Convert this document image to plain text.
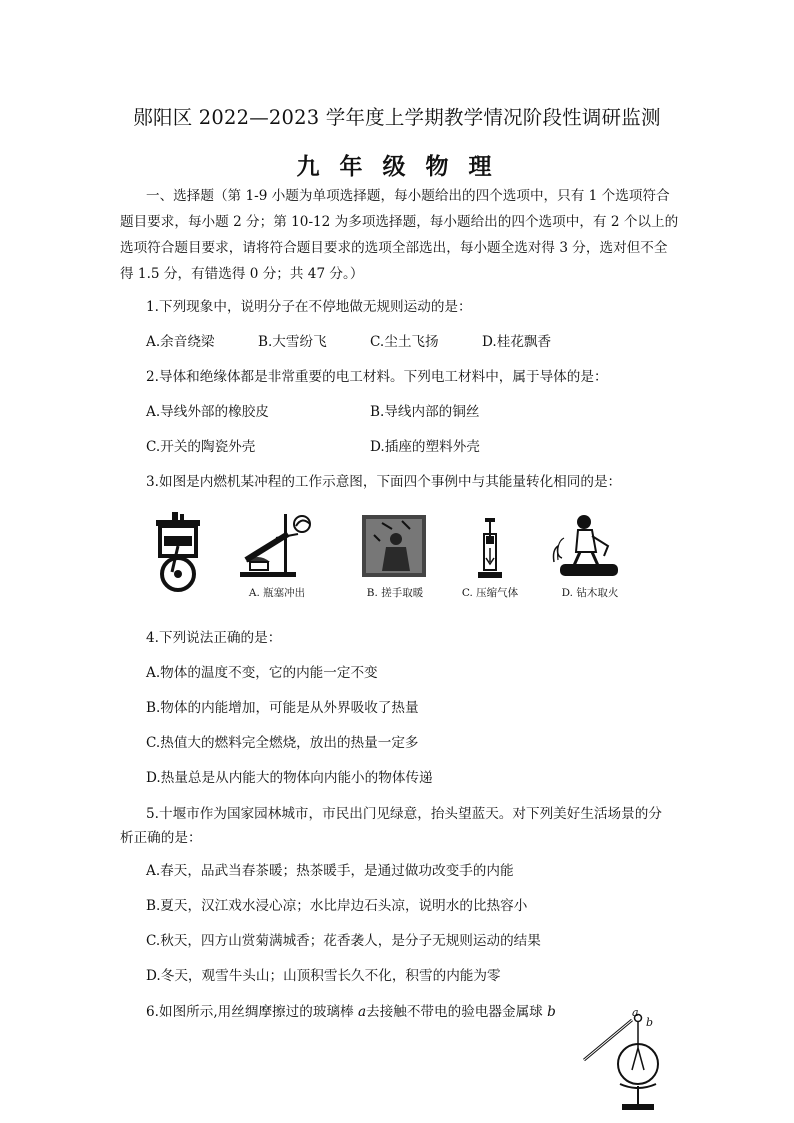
郧阳区 2022—2023 学年度上学期教学情况阶段性调研监测
九 年 级 物 理
一、选择题（第 1-9 小题为单项选择题，每小题给出的四个选项中，只有 1 个选项符合
题目要求，每小题 2 分；第 10-12 为多项选择题，每小题给出的四个选项中，有 2 个以上的
选项符合题目要求，请将符合题目要求的选项全部选出，每小题全选对得 3 分，选对但不全
得 1.5 分，有错选得 0 分；共 47 分。）
1.下列现象中，说明分子在不停地做无规则运动的是：
A.余音绕梁	B.大雪纷飞	C.尘土飞扬	D.桂花飘香
2.导体和绝缘体都是非常重要的电工材料。下列电工材料中，属于导体的是：
A.导线外部的橡胶皮	B.导线内部的铜丝
C.开关的陶瓷外壳	D.插座的塑料外壳
3.如图是内燃机某冲程的工作示意图，下面四个事例中与其能量转化相同的是：
A. 瓶塞冲出	B. 搓手取暖	C. 压缩气体	D. 钻木取火
4.下列说法正确的是：
A.物体的温度不变，它的内能一定不变
B.物体的内能增加，可能是从外界吸收了热量
C.热值大的燃料完全燃烧，放出的热量一定多
D.热量总是从内能大的物体向内能小的物体传递
5.十堰市作为国家园林城市，市民出门见绿意，抬头望蓝天。对下列美好生活场景的分
析正确的是：
A.春天，品武当春茶暖；热茶暖手，是通过做功改变手的内能
B.夏天，汉江戏水浸心凉；水比岸边石头凉，说明水的比热容小
C.秋天，四方山赏菊满城香；花香袭人，是分子无规则运动的结果
D.冬天，观雪牛头山；山顶积雪长久不化，积雪的内能为零
6.如图所示,用丝绸摩擦过的玻璃棒 a去接触不带电的验电器金属球 b	a
b
